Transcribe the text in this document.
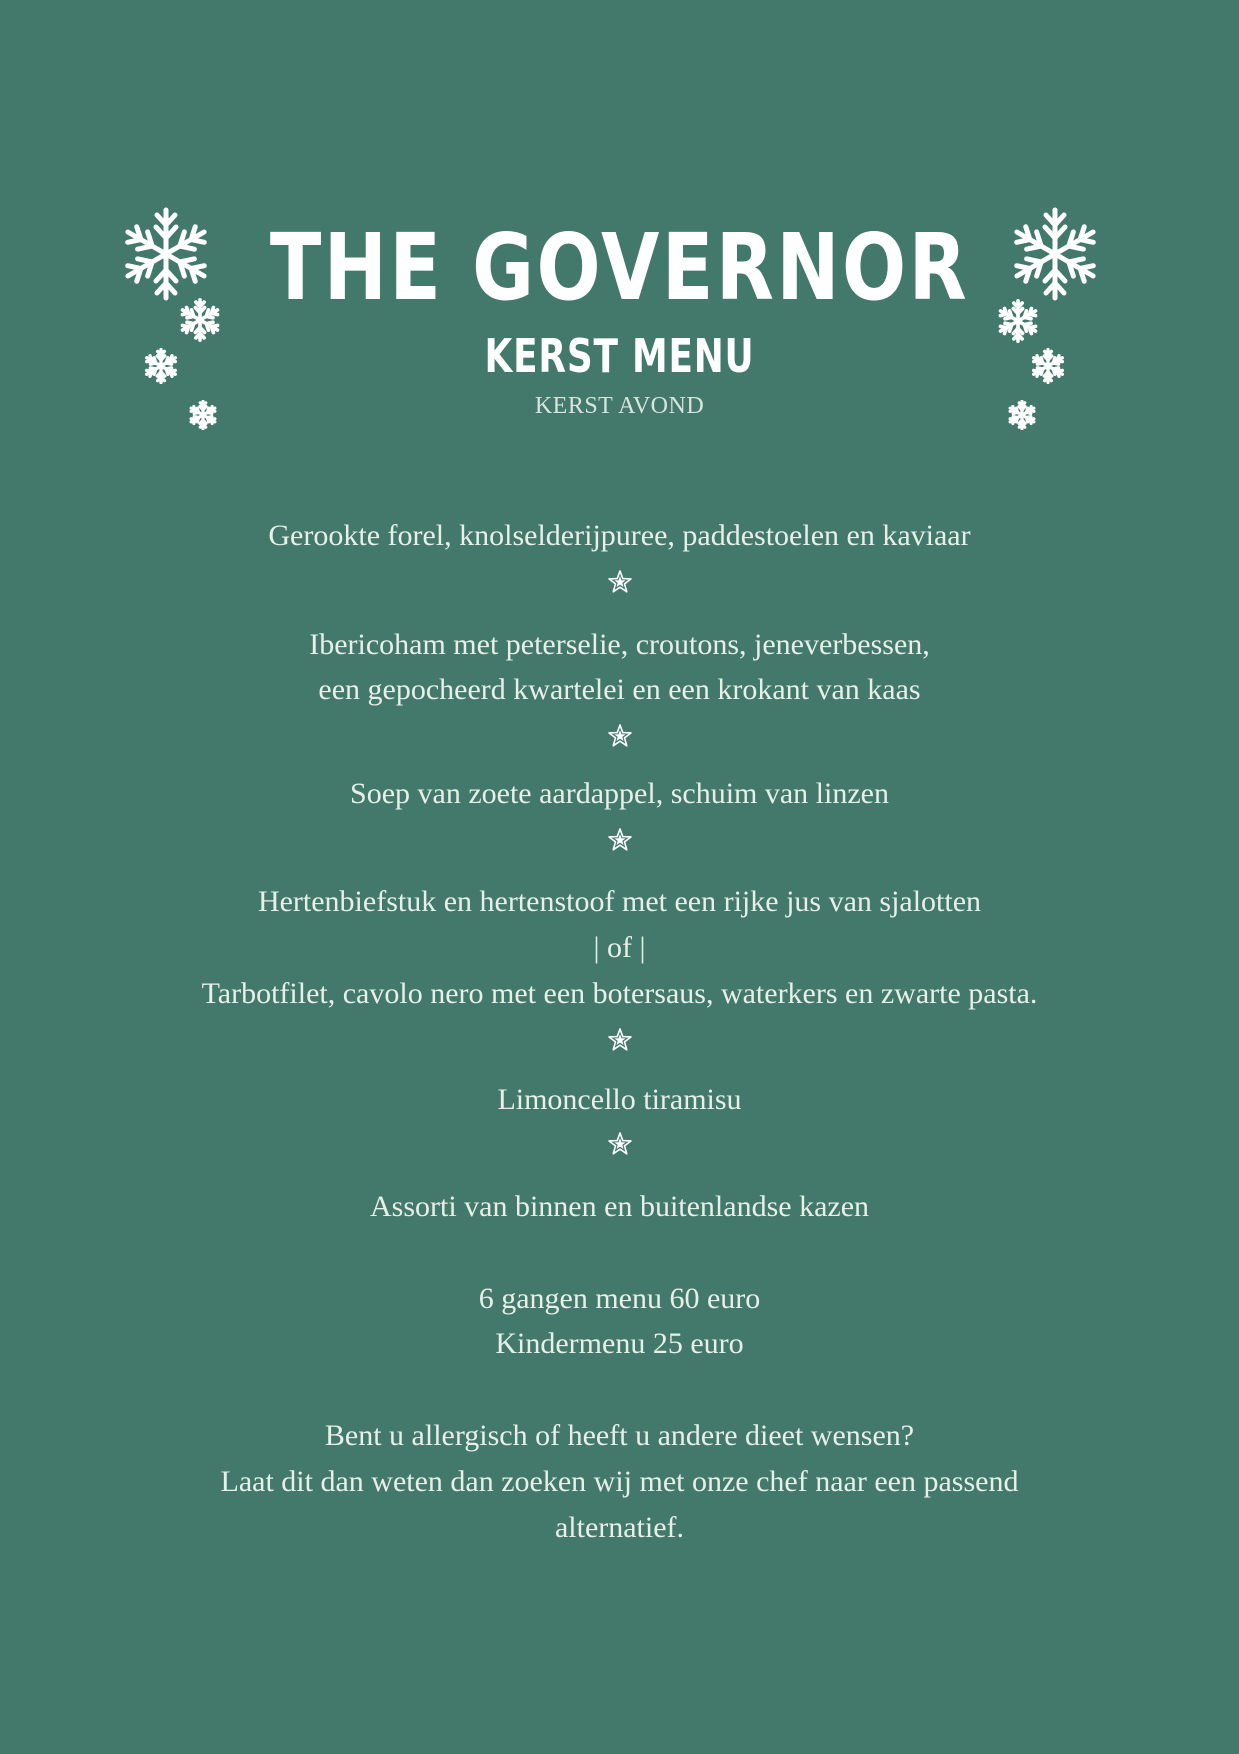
THE GOVERNOR
KERST MENU
KERST AVOND
Gerookte forel, knolselderijpuree, paddestoelen en kaviaar
Ibericoham met peterselie, croutons, jeneverbessen,
een gepocheerd kwartelei en een krokant van kaas
Soep van zoete aardappel, schuim van linzen
Hertenbiefstuk en hertenstoof met een rijke jus van sjalotten
| of |
Tarbotfilet, cavolo nero met een botersaus, waterkers en zwarte pasta.
Limoncello tiramisu
Assorti van binnen en buitenlandse kazen
6 gangen menu 60 euro
Kindermenu 25 euro
Bent u allergisch of heeft u andere dieet wensen?
Laat dit dan weten dan zoeken wij met onze chef naar een passend
alternatief.
